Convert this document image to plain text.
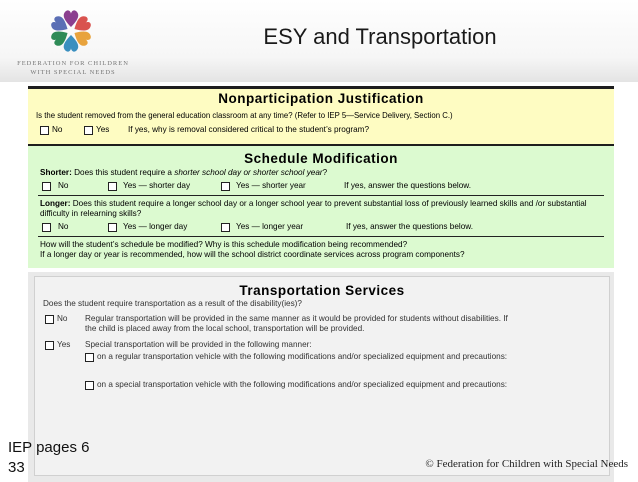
FEDERATION FOR CHILDREN
WITH SPECIAL NEEDS
ESY and Transportation
Nonparticipation Justification
Is the student removed from the general education classroom at any time? (Refer to IEP 5—Service Delivery, Section C.)
No	Yes If yes, why is removal considered critical to the student’s program?
Schedule Modification
Shorter: Does this student require a shorter school day or shorter school year?
No	Yes — shorter day	Yes — shorter year	If yes, answer the questions below.
Longer: Does this student require a longer school day or a longer school year to prevent substantial loss of previously learned skills and /or substantial difficulty in relearning skills?
No	Yes — longer day	Yes — longer year	If yes, answer the questions below.
How will the student’s schedule be modified? Why is this schedule modification being recommended?
If a longer day or year is recommended, how will the school district coordinate services across program components?
Transportation Services
Does the student require transportation as a result of the disability(ies)?
No Regular transportation will be provided in the same manner as it would be provided for students without disabilities. If
the child is placed away from the local school, transportation will be provided.
Yes Special transportation will be provided in the following manner:
on a regular transportation vehicle with the following modifications and/or specialized equipment and precautions:
on a special transportation vehicle with the following modifications and/or specialized equipment and precautions:
IEP pages 6
33	© Federation for Children with Special Needs
